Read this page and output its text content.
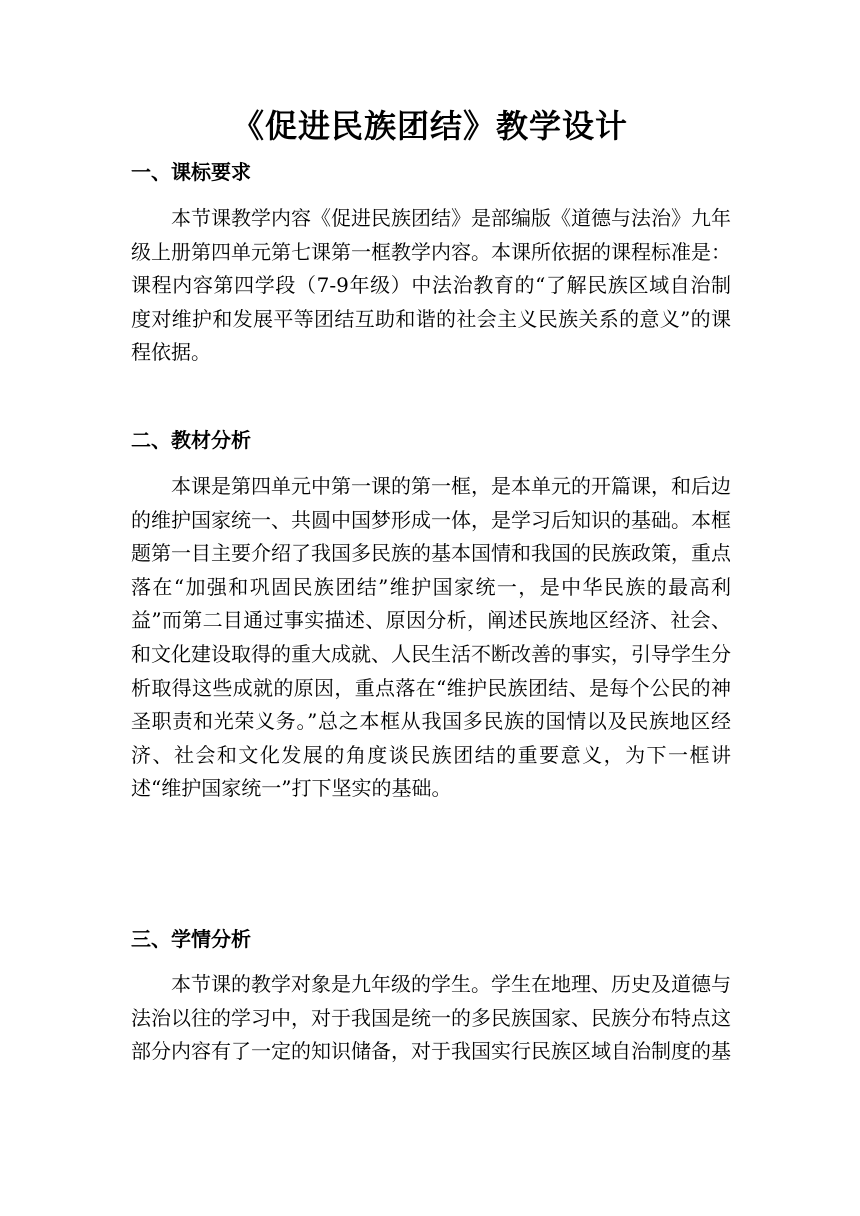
《促进民族团结》教学设计
一、课标要求

本节课教学内容《促进民族团结》是部编版《道德与法治》九年级上册第四单元第七课第一框教学内容。本课所依据的课程标准是：课程内容第四学段（7-9年级）中法治教育的“了解民族区域自治制度对维护和发展平等团结互助和谐的社会主义民族关系的意义”的课程依据。

二、教材分析

本课是第四单元中第一课的第一框，是本单元的开篇课，和后边的维护国家统一、共圆中国梦形成一体，是学习后知识的基础。本框题第一目主要介绍了我国多民族的基本国情和我国的民族政策，重点落在“加强和巩固民族团结”维护国家统一，是中华民族的最高利益”而第二目通过事实描述、原因分析，阐述民族地区经济、社会、和文化建设取得的重大成就、人民生活不断改善的事实，引导学生分析取得这些成就的原因，重点落在“维护民族团结、是每个公民的神圣职责和光荣义务。”总之本框从我国多民族的国情以及民族地区经济、社会和文化发展的角度谈民族团结的重要意义，为下一框讲述“维护国家统一”打下坚实的基础。

三、学情分析

本节课的教学对象是九年级的学生。学生在地理、历史及道德与法治以往的学习中，对于我国是统一的多民族国家、民族分布特点这部分内容有了一定的知识储备，对于我国实行民族区域自治制度的基
